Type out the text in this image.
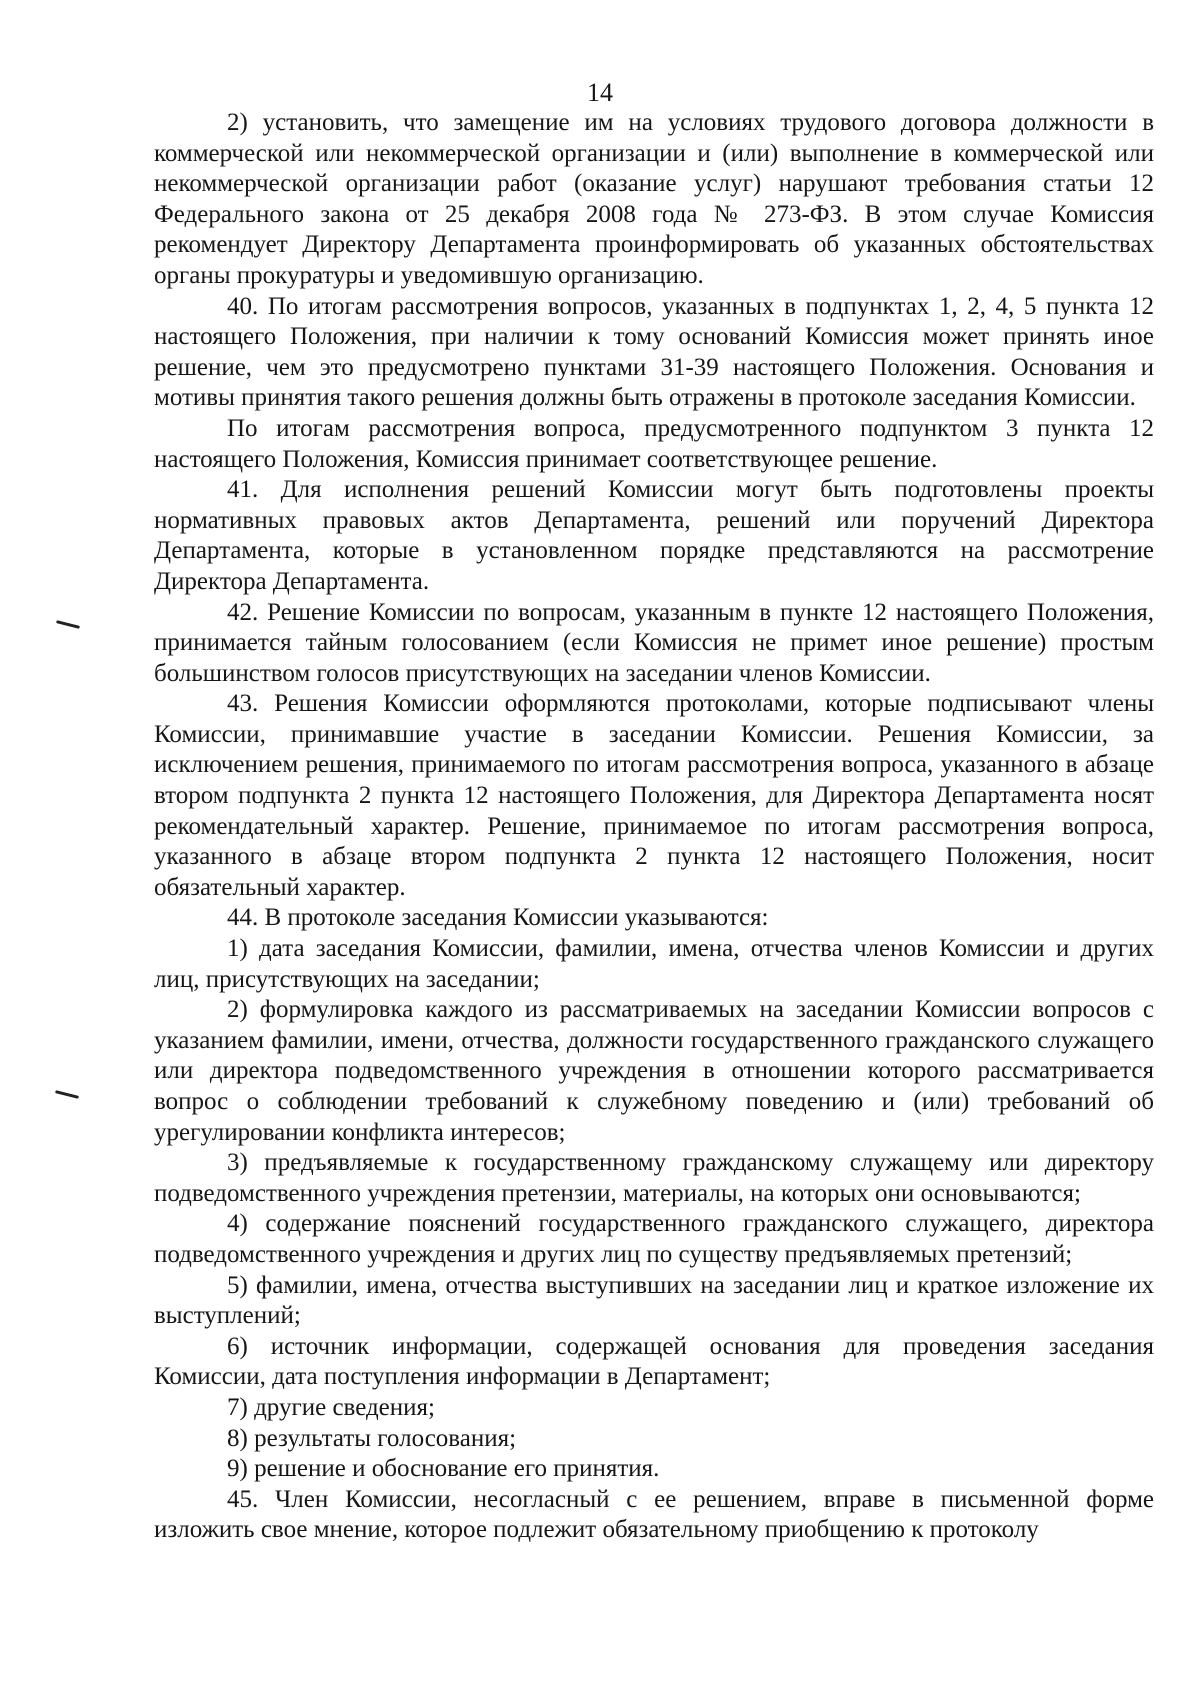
14

2) установить, что замещение им на условиях трудового договора должности в коммерческой или некоммерческой организации и (или) выполнение в коммерческой или некоммерческой организации работ (оказание услуг) нарушают требования статьи 12 Федерального закона от 25 декабря 2008 года № 273-ФЗ. В этом случае Комиссия рекомендует Директору Департамента проинформировать об указанных обстоятельствах органы прокуратуры и уведомившую организацию.

40. По итогам рассмотрения вопросов, указанных в подпунктах 1, 2, 4, 5 пункта 12 настоящего Положения, при наличии к тому оснований Комиссия может принять иное решение, чем это предусмотрено пунктами 31-39 настоящего Положения. Основания и мотивы принятия такого решения должны быть отражены в протоколе заседания Комиссии.

По итогам рассмотрения вопроса, предусмотренного подпунктом 3 пункта 12 настоящего Положения, Комиссия принимает соответствующее решение.

41. Для исполнения решений Комиссии могут быть подготовлены проекты нормативных правовых актов Департамента, решений или поручений Директора Департамента, которые в установленном порядке представляются на рассмотрение Директора Департамента.

42. Решение Комиссии по вопросам, указанным в пункте 12 настоящего Положения, принимается тайным голосованием (если Комиссия не примет иное решение) простым большинством голосов присутствующих на заседании членов Комиссии.

43. Решения Комиссии оформляются протоколами, которые подписывают члены Комиссии, принимавшие участие в заседании Комиссии. Решения Комиссии, за исключением решения, принимаемого по итогам рассмотрения вопроса, указанного в абзаце втором подпункта 2 пункта 12 настоящего Положения, для Директора Департамента носят рекомендательный характер. Решение, принимаемое по итогам рассмотрения вопроса, указанного в абзаце втором подпункта 2 пункта 12 настоящего Положения, носит обязательный характер.

44. В протоколе заседания Комиссии указываются:

1) дата заседания Комиссии, фамилии, имена, отчества членов Комиссии и других лиц, присутствующих на заседании;

2) формулировка каждого из рассматриваемых на заседании Комиссии вопросов с указанием фамилии, имени, отчества, должности государственного гражданского служащего или директора подведомственного учреждения в отношении которого рассматривается вопрос о соблюдении требований к служебному поведению и (или) требований об урегулировании конфликта интересов;

3) предъявляемые к государственному гражданскому служащему или директору подведомственного учреждения претензии, материалы, на которых они основываются;

4) содержание пояснений государственного гражданского служащего, директора подведомственного учреждения и других лиц по существу предъявляемых претензий;

5) фамилии, имена, отчества выступивших на заседании лиц и краткое изложение их выступлений;

6) источник информации, содержащей основания для проведения заседания Комиссии, дата поступления информации в Департамент;

7) другие сведения;

8) результаты голосования;

9) решение и обоснование его принятия.

45. Член Комиссии, несогласный с ее решением, вправе в письменной форме изложить свое мнение, которое подлежит обязательному приобщению к протоколу
